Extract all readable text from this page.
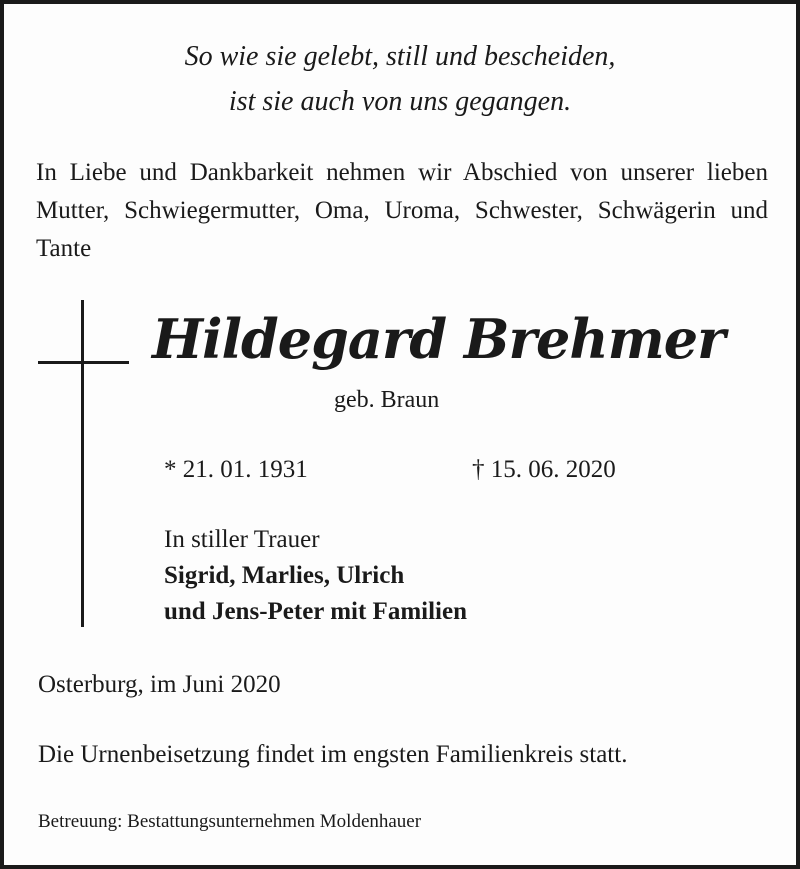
So wie sie gelebt, still und bescheiden,
ist sie auch von uns gegangen.
In Liebe und Dankbarkeit nehmen wir Abschied von unserer lieben Mutter, Schwiegermutter, Oma, Uroma, Schwester, Schwägerin und Tante
Hildegard Brehmer
geb. Braun
* 21. 01. 1931	† 15. 06. 2020
In stiller Trauer
Sigrid, Marlies, Ulrich
und Jens-Peter mit Familien
Osterburg, im Juni 2020
Die Urnenbeisetzung findet im engsten Familienkreis statt.
Betreuung: Bestattungsunternehmen Moldenhauer
